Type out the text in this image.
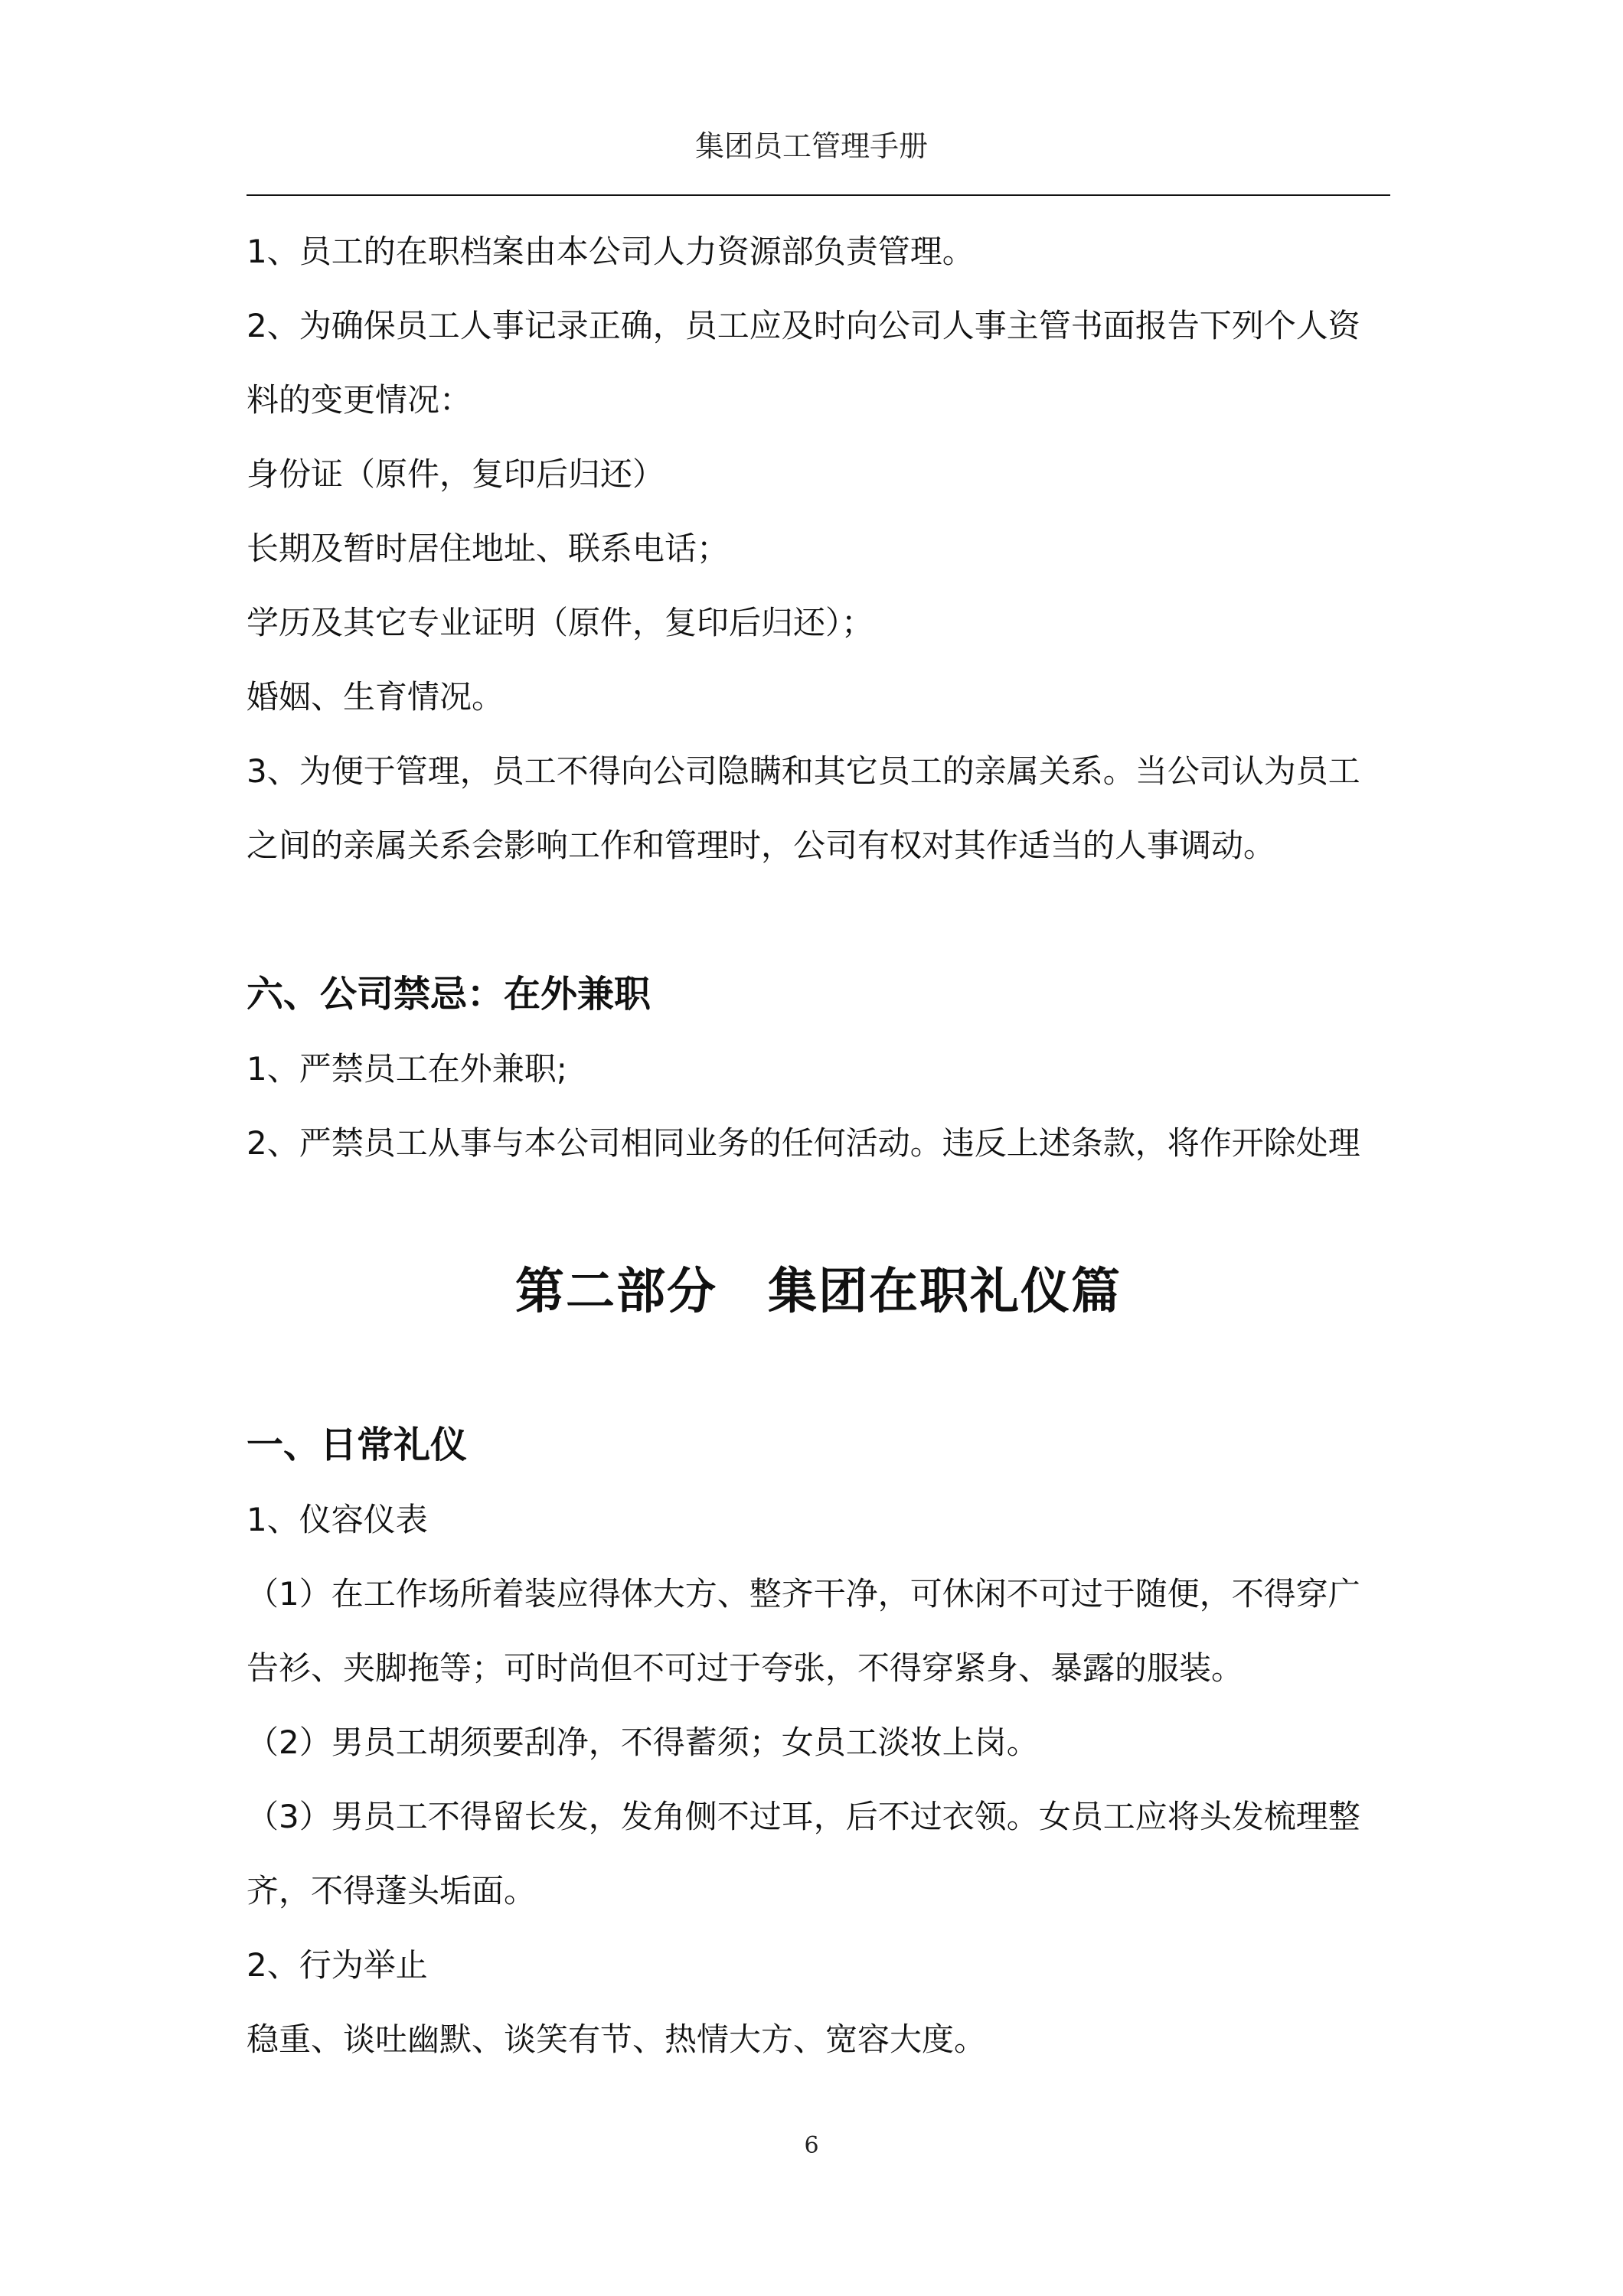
集团员工管理手册

1、员工的在职档案由本公司人力资源部负责管理。

2、为确保员工人事记录正确，员工应及时向公司人事主管书面报告下列个人资

料的变更情况：

身份证（原件，复印后归还）

长期及暂时居住地址、联系电话；

学历及其它专业证明（原件，复印后归还）；

婚姻、生育情况。

3、为便于管理，员工不得向公司隐瞒和其它员工的亲属关系。当公司认为员工

之间的亲属关系会影响工作和管理时，公司有权对其作适当的人事调动。

六、公司禁忌：在外兼职

1、严禁员工在外兼职;

2、严禁员工从事与本公司相同业务的任何活动。违反上述条款，将作开除处理

第二部分　集团在职礼仪篇
一、日常礼仪

1、仪容仪表

（1）在工作场所着装应得体大方、整齐干净，可休闲不可过于随便，不得穿广

告衫、夹脚拖等；可时尚但不可过于夸张，不得穿紧身、暴露的服装。

（2）男员工胡须要刮净，不得蓄须；女员工淡妆上岗。

（3）男员工不得留长发，发角侧不过耳，后不过衣领。女员工应将头发梳理整

齐，不得蓬头垢面。

2、行为举止

稳重、谈吐幽默、谈笑有节、热情大方、宽容大度。

6
